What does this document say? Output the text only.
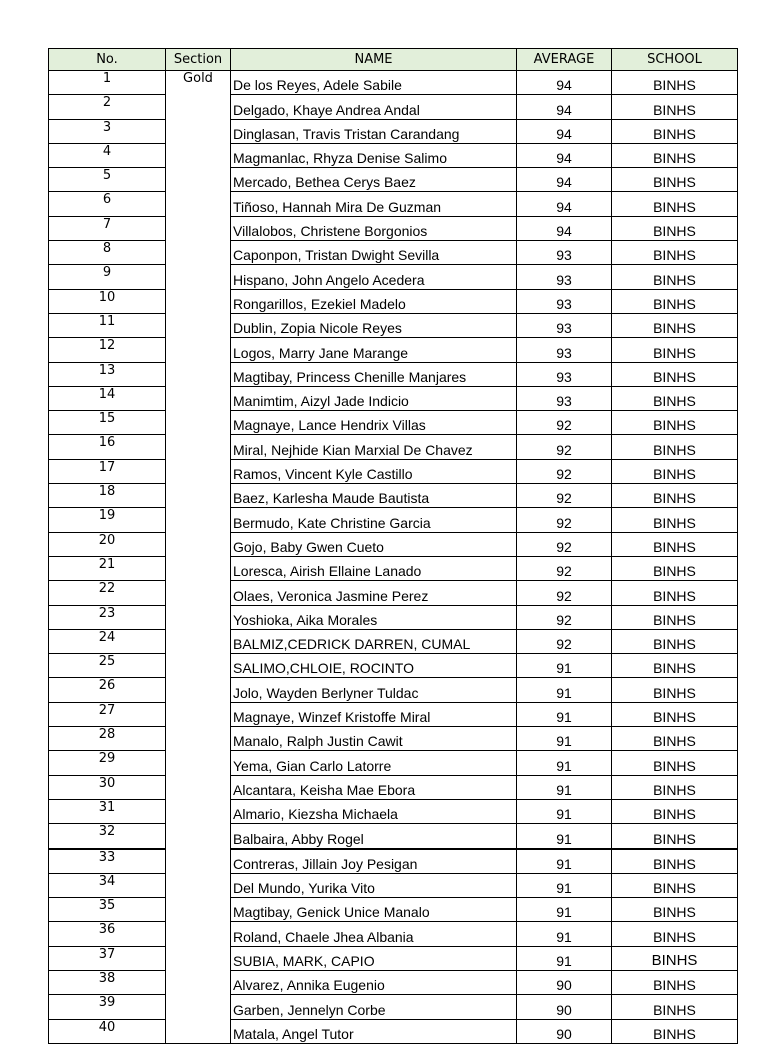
No.	Section	NAME	AVERAGE	SCHOOL
1	Gold	De los Reyes, Adele Sabile	94	BINHS
2		Delgado, Khaye Andrea Andal	94	BINHS
3		Dinglasan, Travis Tristan Carandang	94	BINHS
4		Magmanlac, Rhyza Denise Salimo	94	BINHS
5		Mercado, Bethea Cerys Baez	94	BINHS
6		Tiñoso, Hannah Mira De Guzman	94	BINHS
7		Villalobos, Christene Borgonios	94	BINHS
8		Caponpon, Tristan Dwight Sevilla	93	BINHS
9		Hispano, John Angelo Acedera	93	BINHS
10		Rongarillos, Ezekiel Madelo	93	BINHS
11		Dublin, Zopia Nicole Reyes	93	BINHS
12		Logos, Marry Jane Marange	93	BINHS
13		Magtibay, Princess Chenille Manjares	93	BINHS
14		Manimtim, Aizyl Jade Indicio	93	BINHS
15		Magnaye, Lance Hendrix Villas	92	BINHS
16		Miral, Nejhide Kian Marxial De Chavez	92	BINHS
17		Ramos, Vincent Kyle Castillo	92	BINHS
18		Baez, Karlesha Maude Bautista	92	BINHS
19		Bermudo, Kate Christine Garcia	92	BINHS
20		Gojo, Baby Gwen Cueto	92	BINHS
21		Loresca, Airish Ellaine Lanado	92	BINHS
22		Olaes, Veronica Jasmine Perez	92	BINHS
23		Yoshioka, Aika Morales	92	BINHS
24		BALMIZ,CEDRICK DARREN, CUMAL	92	BINHS
25		SALIMO,CHLOIE, ROCINTO	91	BINHS
26		Jolo, Wayden Berlyner Tuldac	91	BINHS
27		Magnaye, Winzef Kristoffe Miral	91	BINHS
28		Manalo, Ralph Justin Cawit	91	BINHS
29		Yema, Gian Carlo Latorre	91	BINHS
30		Alcantara, Keisha Mae Ebora	91	BINHS
31		Almario, Kiezsha Michaela	91	BINHS
32		Balbaira, Abby Rogel	91	BINHS
33		Contreras, Jillain Joy Pesigan	91	BINHS
34		Del Mundo, Yurika Vito	91	BINHS
35		Magtibay, Genick Unice Manalo	91	BINHS
36		Roland, Chaele Jhea Albania	91	BINHS
37		SUBIA, MARK, CAPIO	91	BINHS
38		Alvarez, Annika Eugenio	90	BINHS
39		Garben, Jennelyn Corbe	90	BINHS
40		Matala, Angel Tutor	90	BINHS
